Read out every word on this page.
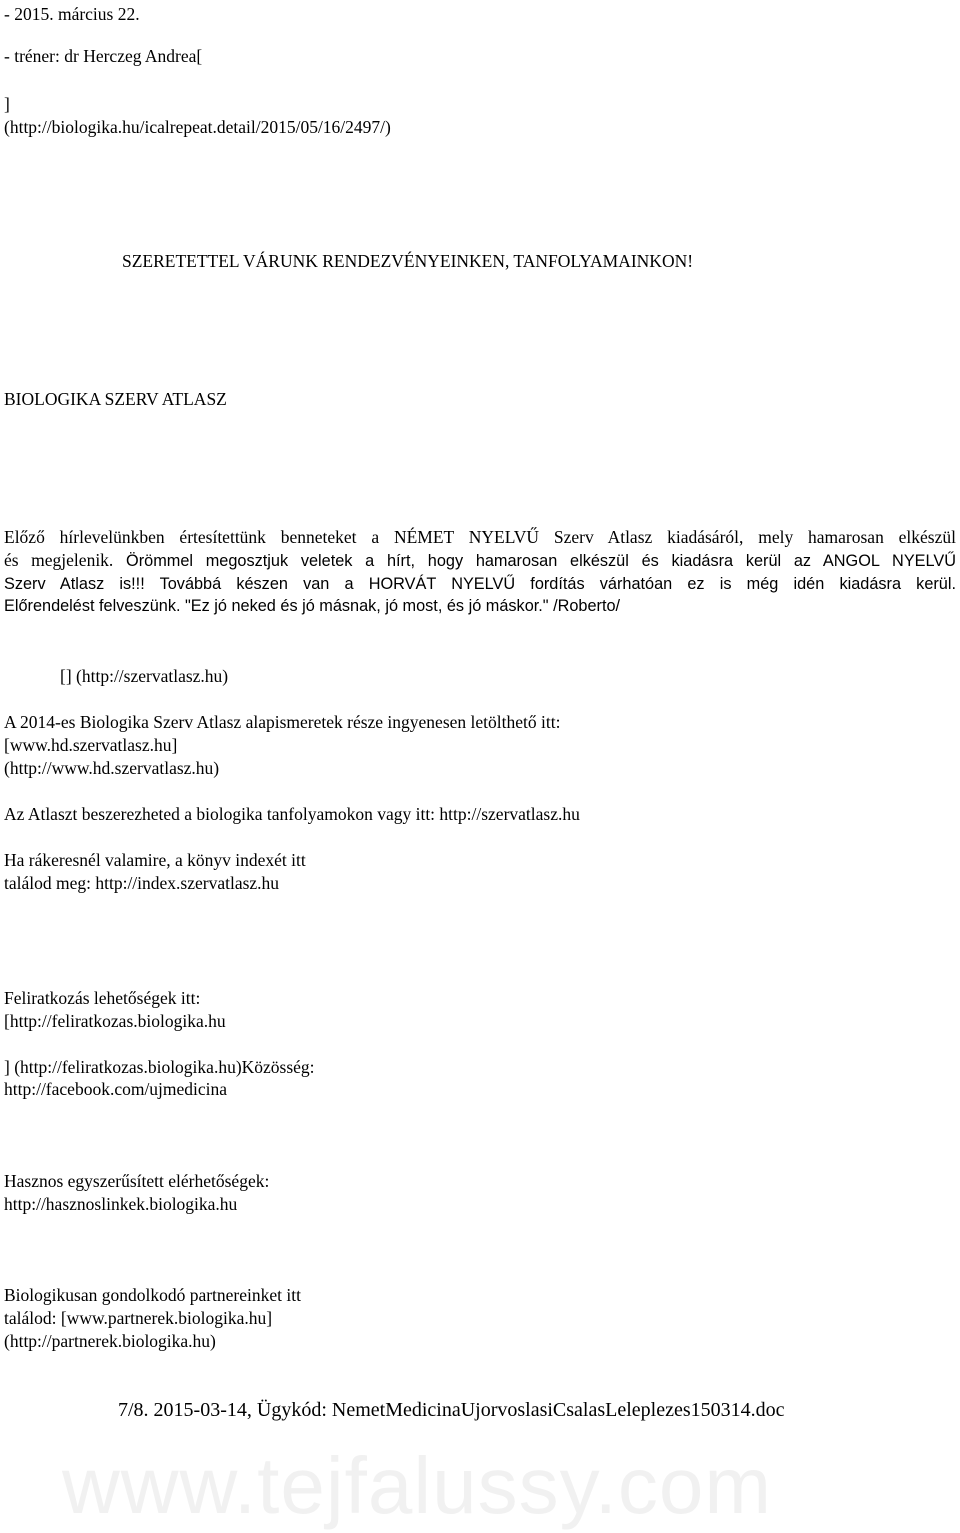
- 2015. március 22.
- tréner: dr Herczeg Andrea[
]
(http://biologika.hu/icalrepeat.detail/2015/05/16/2497/)
SZERETETTEL VÁRUNK RENDEZVÉNYEINKEN, TANFOLYAMAINKON!
BIOLOGIKA SZERV ATLASZ
Előző hírlevelünkben értesítettünk benneteket a NÉMET NYELVŰ Szerv Atlasz kiadásáról, mely hamarosan elkészül
és megjelenik. Örömmel megosztjuk veletek a hírt, hogy hamarosan elkészül és kiadásra kerül az ANGOL NYELVŰ
Szerv Atlasz is!!! Továbbá készen van a HORVÁT NYELVŰ fordítás várhatóan ez is még idén kiadásra kerül.
Előrendelést felveszünk. "Ez jó neked és jó másnak, jó most, és jó máskor." /Roberto/
[] (http://szervatlasz.hu)
A 2014-es Biologika Szerv Atlasz alapismeretek része ingyenesen letölthető itt:
[www.hd.szervatlasz.hu]
(http://www.hd.szervatlasz.hu)
Az Atlaszt beszerezheted a biologika tanfolyamokon vagy itt: http://szervatlasz.hu
Ha rákeresnél valamire, a könyv indexét itt
találod meg: http://index.szervatlasz.hu
Feliratkozás lehetőségek itt:
[http://feliratkozas.biologika.hu
] (http://feliratkozas.biologika.hu)Közösség:
http://facebook.com/ujmedicina
Hasznos egyszerűsített elérhetőségek:
http://hasznoslinkek.biologika.hu
Biologikusan gondolkodó partnereinket itt
találod: [www.partnerek.biologika.hu]
(http://partnerek.biologika.hu)
7/8. 2015-03-14, Ügykód: NemetMedicinaUjorvoslasiCsalasLeleplezes150314.doc
www.tejfalussy.com
